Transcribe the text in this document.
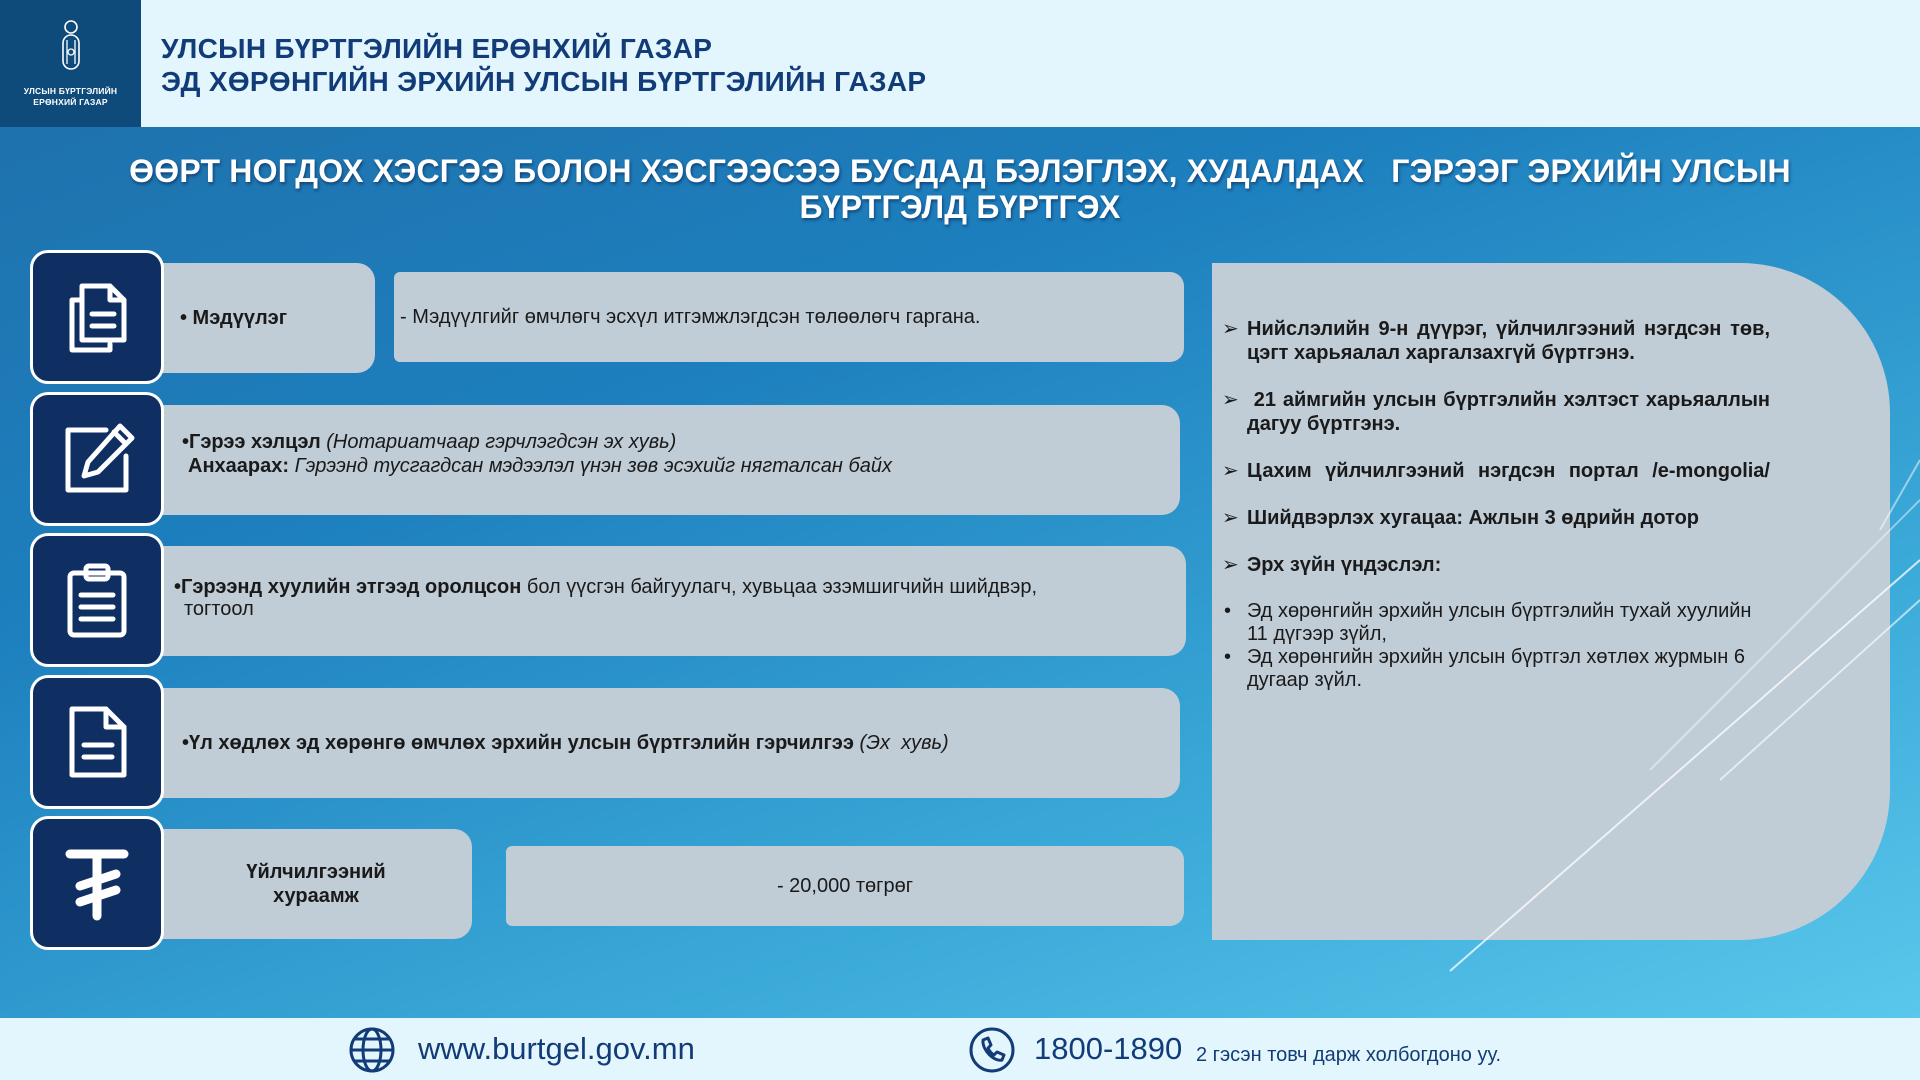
УЛСЫН БҮРТГЭЛИЙН
ЕРӨНХИЙ ГАЗАР
УЛСЫН БҮРТГЭЛИЙН ЕРӨНХИЙ ГАЗАР
ЭД ХӨРӨНГИЙН ЭРХИЙН УЛСЫН БҮРТГЭЛИЙН ГАЗАР
ӨӨРТ НОГДОХ ХЭСГЭЭ БОЛОН ХЭСГЭЭСЭЭ БУСДАД БЭЛЭГЛЭХ, ХУДАЛДАХ   ГЭРЭЭГ ЭРХИЙН УЛСЫН
БҮРТГЭЛД БҮРТГЭХ
• Мэдүүлэг	- Мэдүүлгийг өмчлөгч эсхүл итгэмжлэгдсэн төлөөлөгч гаргана.
•Гэрээ хэлцэл (Нотариатчаар гэрчлэгдсэн эх хувь)
Анхаарах: Гэрээнд тусгагдсан мэдээлэл үнэн зөв эсэхийг нягталсан байх
•Гэрээнд хуулийн этгээд оролцсон бол үүсгэн байгуулагч, хувьцаа эзэмшигчийн шийдвэр,
тогтоол
•Үл хөдлөх эд хөрөнгө өмчлөх эрхийн улсын бүртгэлийн гэрчилгээ (Эх  хувь)
Үйлчилгээний
хураамж	- 20,000 төгрөг
➢ Нийслэлийн 9-н дүүрэг, үйлчилгээний нэгдсэн төв, цэгт харьяалал харгалзахгүй бүртгэнэ.
➢ 21 аймгийн улсын бүртгэлийн хэлтэст харьяаллын дагуу бүртгэнэ.
➢ Цахим үйлчилгээний нэгдсэн портал /e-mongolia/
➢ Шийдвэрлэх хугацаа: Ажлын 3 өдрийн дотор
➢ Эрх зүйн үндэслэл:
• Эд хөрөнгийн эрхийн улсын бүртгэлийн тухай хуулийн 11 дүгээр зүйл,
• Эд хөрөнгийн эрхийн улсын бүртгэл хөтлөх журмын 6 дугаар зүйл.
www.burtgel.gov.mn	1800-1890 2 гэсэн товч дарж холбогдоно уу.
